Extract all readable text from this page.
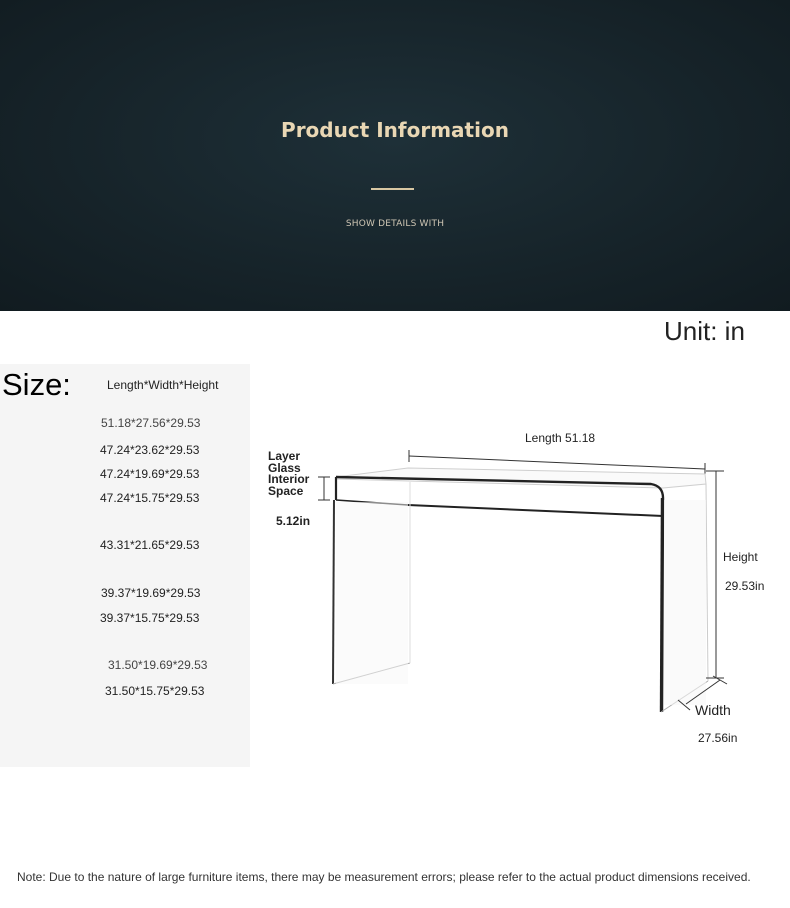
Product Information
SHOW DETAILS WITH
Unit: in
Size:	Length*Width*Height
51.18*27.56*29.53
47.24*23.62*29.53
47.24*19.69*29.53
47.24*15.75*29.53
43.31*21.65*29.53
39.37*19.69*29.53
39.37*15.75*29.53
31.50*19.69*29.53
31.50*15.75*29.53
Length 51.18
Layer
Glass
Interior
Space
5.12in
Height
29.53in
Width
27.56in
Note: Due to the nature of large furniture items, there may be measurement errors; please refer to the actual product dimensions received.
